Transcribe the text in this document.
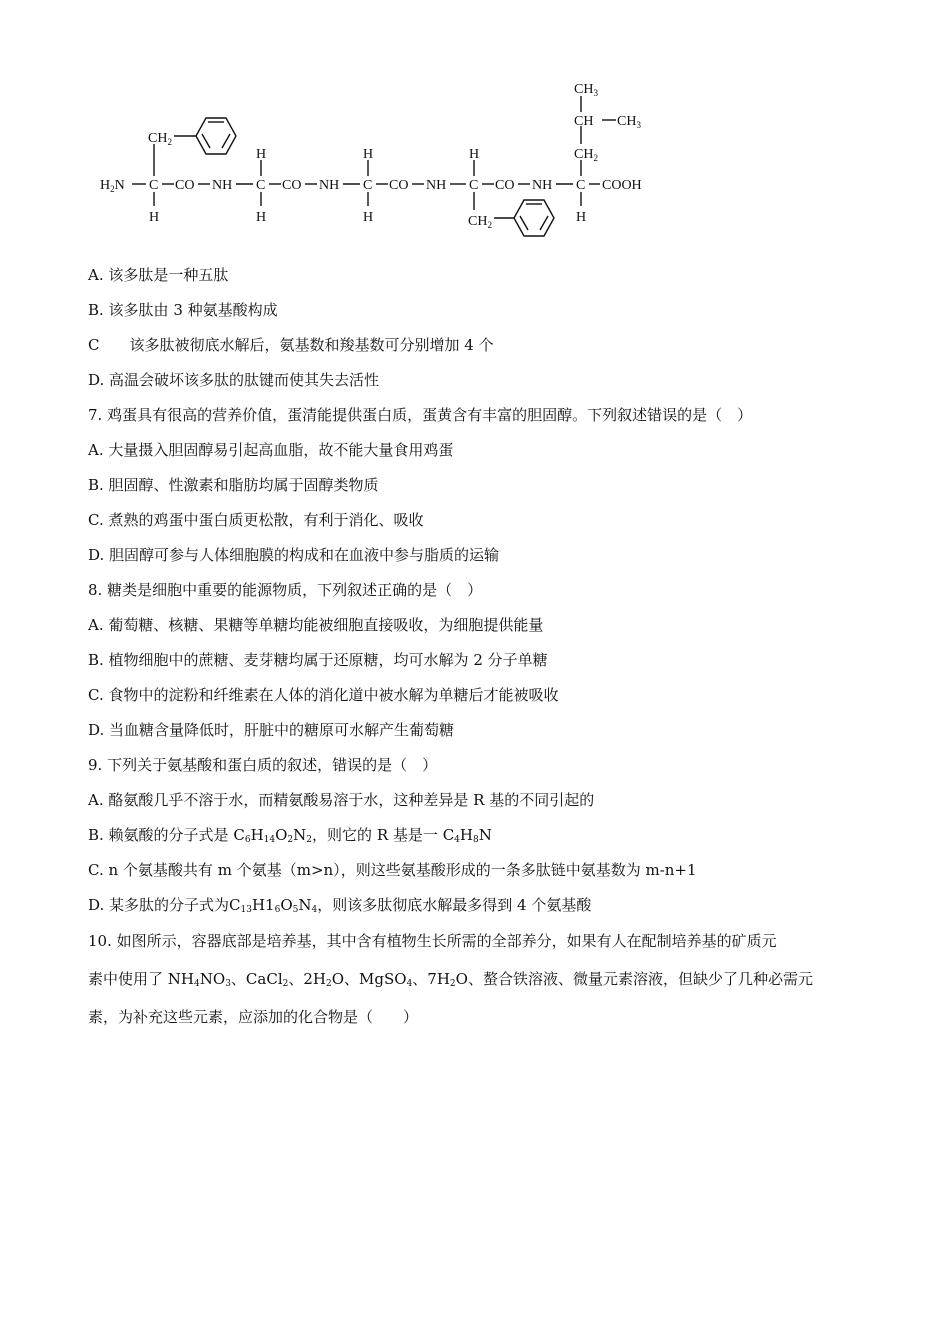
$H_2N$ C CO NH C CO NH C CO NH C CO NH C COOH
$CH_2$
H	H	H	$CH_2$
CH $CH_3$
$CH_3$
H	H	H	$CH_2$	H
A. 该多肽是一种五肽
B. 该多肽由 3 种氨基酸构成
C 该多肽被彻底水解后，氨基数和羧基数可分别增加 4 个
D. 高温会破坏该多肽的肽键而使其失去活性
7. 鸡蛋具有很高的营养价值，蛋清能提供蛋白质，蛋黄含有丰富的胆固醇。下列叙述错误的是（　）
A. 大量摄入胆固醇易引起高血脂，故不能大量食用鸡蛋
B. 胆固醇、性激素和脂肪均属于固醇类物质
C. 煮熟的鸡蛋中蛋白质更松散，有利于消化、吸收
D. 胆固醇可参与人体细胞膜的构成和在血液中参与脂质的运输
8. 糖类是细胞中重要的能源物质，下列叙述正确的是（　）
A. 葡萄糖、核糖、果糖等单糖均能被细胞直接吸收，为细胞提供能量
B. 植物细胞中的蔗糖、麦芽糖均属于还原糖，均可水解为 2 分子单糖
C. 食物中的淀粉和纤维素在人体的消化道中被水解为单糖后才能被吸收
D. 当血糖含量降低时，肝脏中的糖原可水解产生葡萄糖
9. 下列关于氨基酸和蛋白质的叙述，错误的是（　）
A. 酪氨酸几乎不溶于水，而精氨酸易溶于水，这种差异是 R 基的不同引起的
B. 赖氨酸的分子式是 $C_6H_{14}O_2N_2$，则它的 R 基是一 $C_4H_8N$
C. n 个氨基酸共有 m 个氨基（m>n），则这些氨基酸形成的一条多肽链中氨基数为 m-n+1
D. 某多肽的分子式为$C_{13}H1_6O_5N_4$，则该多肽彻底水解最多得到 4 个氨基酸
10. 如图所示，容器底部是培养基，其中含有植物生长所需的全部养分，如果有人在配制培养基的矿质元
素中使用了 $NH_4NO_3$、CaCl$_2$、$2H_2O$、MgSO$_4$、$7H_2O$、螯合铁溶液、微量元素溶液，但缺少了几种必需元
素，为补充这些元素，应添加的化合物是（　　）
